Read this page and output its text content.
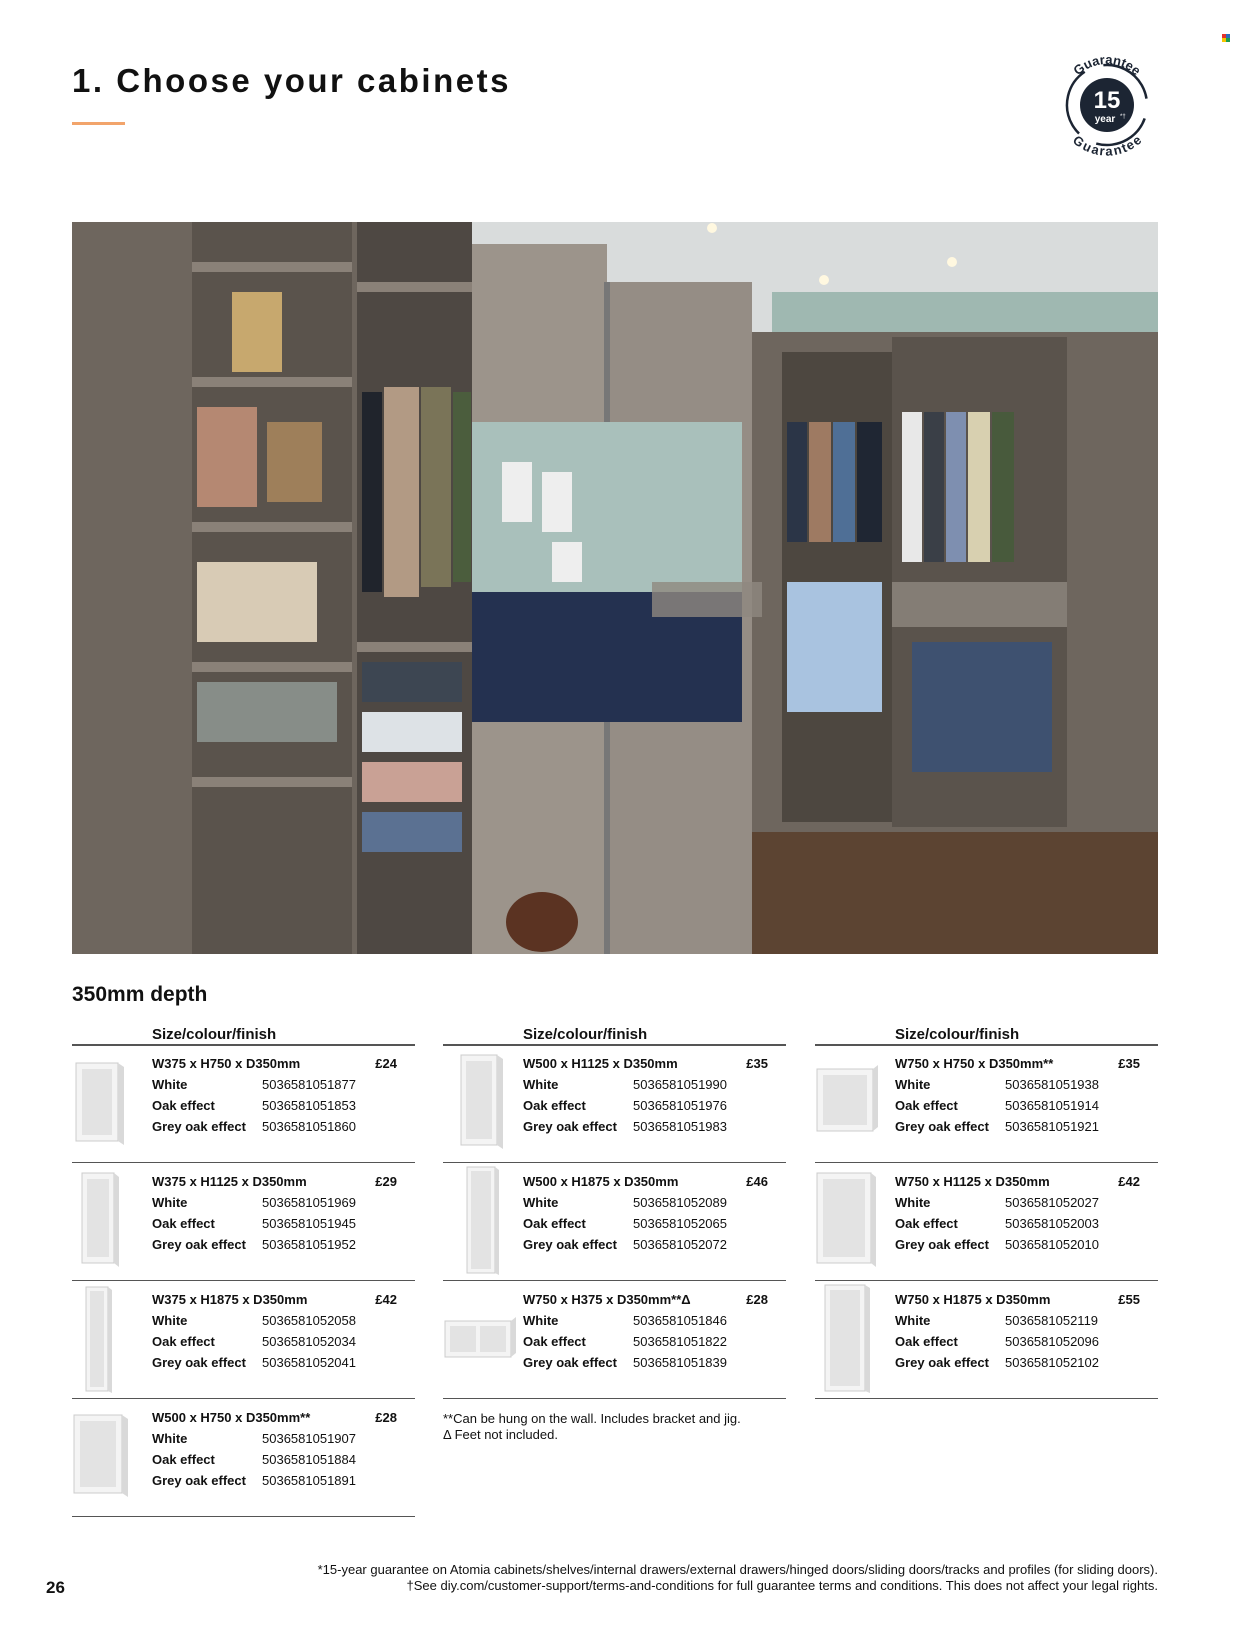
1. Choose your cabinets	Guarantee
Guarantee
15
year *†
350mm depth
Size/colour/finish
W375 x H750 x D350mm	£24
White	5036581051877
Oak effect	5036581051853
Grey oak effect 5036581051860
W375 x H1125 x D350mm	£29
White	5036581051969
Oak effect	5036581051945
Grey oak effect 5036581051952
W375 x H1875 x D350mm	£42
White	5036581052058
Oak effect	5036581052034
Grey oak effect 5036581052041
W500 x H750 x D350mm**	£28
White	5036581051907
Oak effect	5036581051884
Grey oak effect 5036581051891
Size/colour/finish
W500 x H1125 x D350mm	£35
White	5036581051990
Oak effect	5036581051976
Grey oak effect 5036581051983
W500 x H1875 x D350mm	£46
White	5036581052089
Oak effect	5036581052065
Grey oak effect 5036581052072
W750 x H375 x D350mm**Δ	£28
White	5036581051846
Oak effect	5036581051822
Grey oak effect 5036581051839
**Can be hung on the wall. Includes bracket and jig.
Δ Feet not included.
Size/colour/finish
W750 x H750 x D350mm**	£35
White	5036581051938
Oak effect	5036581051914
Grey oak effect 5036581051921
W750 x H1125 x D350mm	£42
White	5036581052027
Oak effect	5036581052003
Grey oak effect 5036581052010
W750 x H1875 x D350mm	£55
White	5036581052119
Oak effect	5036581052096
Grey oak effect 5036581052102
26
*15-year guarantee on Atomia cabinets/shelves/internal drawers/external drawers/hinged doors/sliding doors/tracks and profiles (for sliding doors).
†See diy.com/customer-support/terms-and-conditions for full guarantee terms and conditions. This does not affect your legal rights.
